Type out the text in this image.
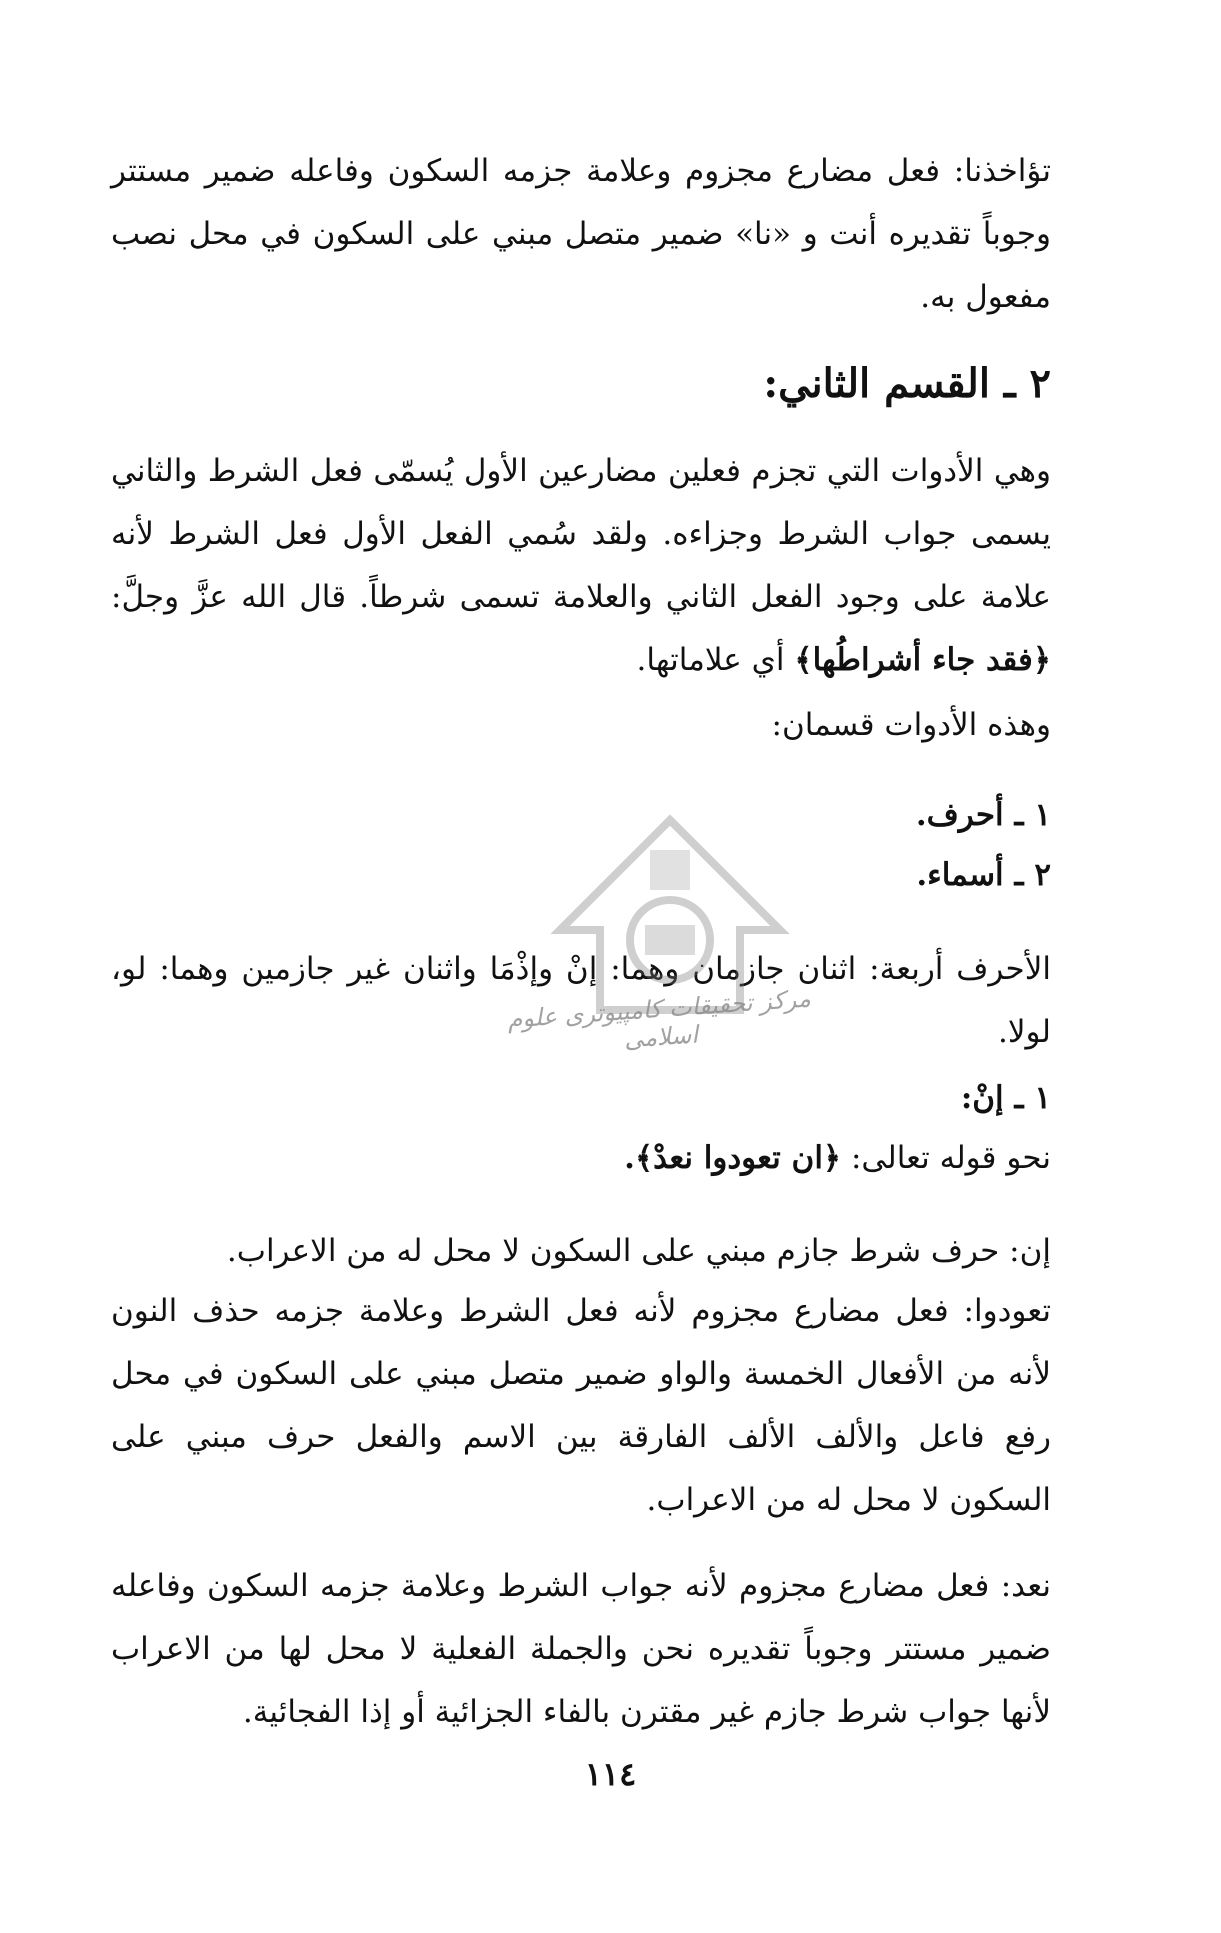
تؤاخذنا: فعل مضارع مجزوم وعلامة جزمه السكون وفاعله ضمير مستتر وجوباً تقديره أنت و «نا» ضمير متصل مبني على السكون في محل نصب مفعول به.

٢ ـ القسم الثاني:

وهي الأدوات التي تجزم فعلين مضارعين الأول يُسمّى فعل الشرط والثاني يسمى جواب الشرط وجزاءه. ولقد سُمي الفعل الأول فعل الشرط لأنه علامة على وجود الفعل الثاني والعلامة تسمى شرطاً. قال الله عزَّ وجلَّ: ﴿فقد جاء أشراطُها﴾ أي علاماتها.

وهذه الأدوات قسمان:
١ ـ أحرف.
٢ ـ أسماء.

الأحرف أربعة: اثنان جازمان وهما: إنْ وإذْمَا واثنان غير جازمين وهما: لو، لولا.

١ ـ إنْ:
نحو قوله تعالى: ﴿ان تعودوا نعدْ﴾.

إن: حرف شرط جازم مبني على السكون لا محل له من الاعراب.

تعودوا: فعل مضارع مجزوم لأنه فعل الشرط وعلامة جزمه حذف النون لأنه من الأفعال الخمسة والواو ضمير متصل مبني على السكون في محل رفع فاعل والألف الألف الفارقة بين الاسم والفعل حرف مبني على السكون لا محل له من الاعراب.

نعد: فعل مضارع مجزوم لأنه جواب الشرط وعلامة جزمه السكون وفاعله ضمير مستتر وجوباً تقديره نحن والجملة الفعلية لا محل لها من الاعراب لأنها جواب شرط جازم غير مقترن بالفاء الجزائية أو إذا الفجائية.

مرکز تحقیقات کامپیوتری علوم اسلامی
١١٤
